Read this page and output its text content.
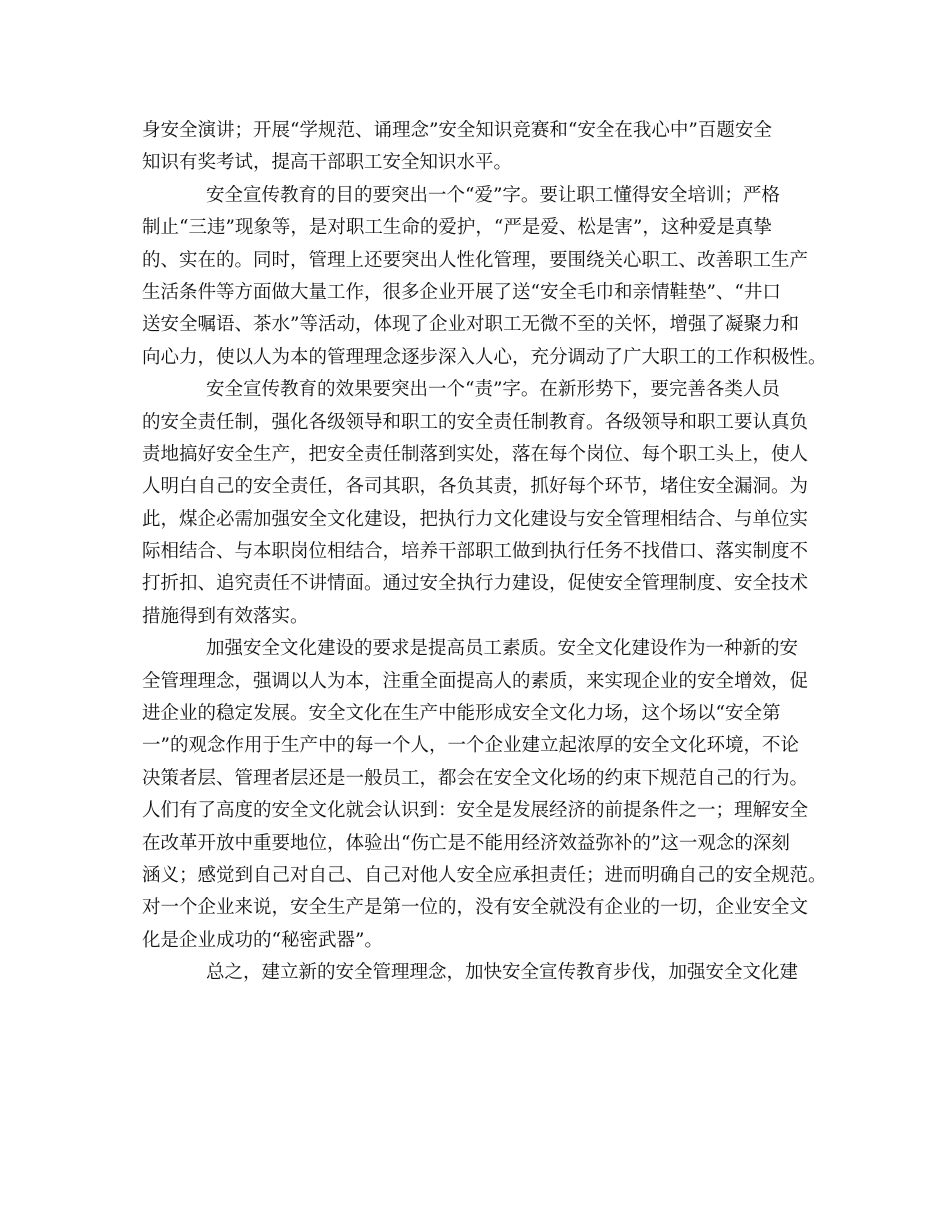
身安全演讲；开展“学规范、诵理念”安全知识竞赛和“安全在我心中”百题安全
知识有奖考试，提高干部职工安全知识水平。
安全宣传教育的目的要突出一个“爱”字。要让职工懂得安全培训；严格
制止“三违”现象等，是对职工生命的爱护，“严是爱、松是害”，这种爱是真挚
的、实在的。同时，管理上还要突出人性化管理，要围绕关心职工、改善职工生产
生活条件等方面做大量工作，很多企业开展了送“安全毛巾和亲情鞋垫”、“井口
送安全嘱语、茶水”等活动，体现了企业对职工无微不至的关怀，增强了凝聚力和
向心力，使以人为本的管理理念逐步深入人心，充分调动了广大职工的工作积极性。
安全宣传教育的效果要突出一个“责”字。在新形势下，要完善各类人员
的安全责任制，强化各级领导和职工的安全责任制教育。各级领导和职工要认真负
责地搞好安全生产，把安全责任制落到实处，落在每个岗位、每个职工头上，使人
人明白自己的安全责任，各司其职，各负其责，抓好每个环节，堵住安全漏洞。为
此，煤企必需加强安全文化建设，把执行力文化建设与安全管理相结合、与单位实
际相结合、与本职岗位相结合，培养干部职工做到执行任务不找借口、落实制度不
打折扣、追究责任不讲情面。通过安全执行力建设，促使安全管理制度、安全技术
措施得到有效落实。
加强安全文化建设的要求是提高员工素质。安全文化建设作为一种新的安
全管理理念，强调以人为本，注重全面提高人的素质，来实现企业的安全增效，促
进企业的稳定发展。安全文化在生产中能形成安全文化力场，这个场以“安全第
一”的观念作用于生产中的每一个人，一个企业建立起浓厚的安全文化环境，不论
决策者层、管理者层还是一般员工，都会在安全文化场的约束下规范自己的行为。
人们有了高度的安全文化就会认识到：安全是发展经济的前提条件之一；理解安全
在改革开放中重要地位，体验出“伤亡是不能用经济效益弥补的”这一观念的深刻
涵义；感觉到自己对自己、自己对他人安全应承担责任；进而明确自己的安全规范。
对一个企业来说，安全生产是第一位的，没有安全就没有企业的一切，企业安全文
化是企业成功的“秘密武器”。
总之，建立新的安全管理理念，加快安全宣传教育步伐，加强安全文化建
